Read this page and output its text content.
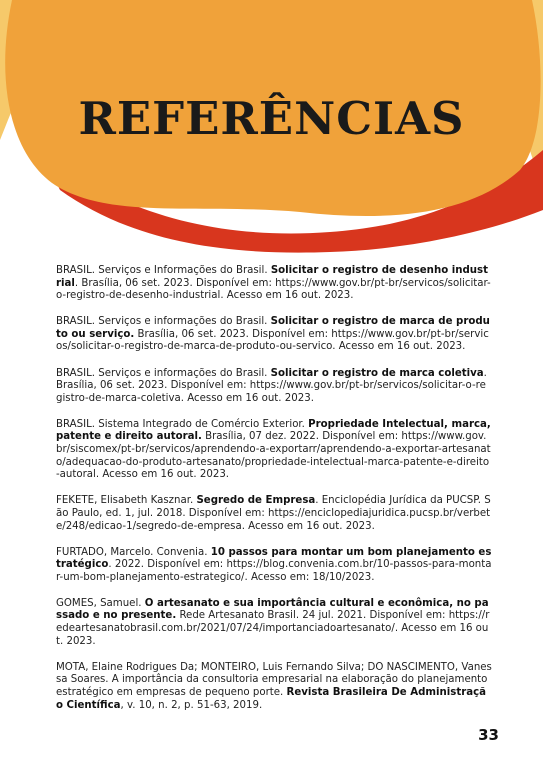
REFERÊNCIAS

BRASIL. Serviços e Informações do Brasil. Solicitar o registro de desenho industrial. Brasília, 06 set. 2023. Disponível em: https://www.gov.br/pt-br/servicos/solicitar-o-registro-de-desenho-industrial. Acesso em 16 out. 2023.

BRASIL. Serviços e informações do Brasil. Solicitar o registro de marca de produto ou serviço. Brasília, 06 set. 2023. Disponível em: https://www.gov.br/pt-br/servicos/solicitar-o-registro-de-marca-de-produto-ou-servico. Acesso em 16 out. 2023.

BRASIL. Serviços e informações do Brasil. Solicitar o registro de marca coletiva. Brasília, 06 set. 2023. Disponível em: https://www.gov.br/pt-br/servicos/solicitar-o-registro-de-marca-coletiva. Acesso em 16 out. 2023.

BRASIL. Sistema Integrado de Comércio Exterior. Propriedade Intelectual, marca, patente e direito autoral. Brasília, 07 dez. 2022. Disponível em: https://www.gov.br/siscomex/pt-br/servicos/aprendendo-a-exportarr/aprendendo-a-exportar-artesanato/adequacao-do-produto-artesanato/propriedade-intelectual-marca-patente-e-direito-autoral. Acesso em 16 out. 2023.

FEKETE, Elisabeth Kasznar. Segredo de Empresa. Enciclopédia Jurídica da PUCSP. São Paulo, ed. 1, jul. 2018. Disponível em: https://enciclopediajuridica.pucsp.br/verbete/248/edicao-1/segredo-de-empresa. Acesso em 16 out. 2023.

FURTADO, Marcelo. Convenia. 10 passos para montar um bom planejamento estratégico. 2022. Disponível em: https://blog.convenia.com.br/10-passos-para-montar-um-bom-planejamento-estrategico/. Acesso em: 18/10/2023.

GOMES, Samuel. O artesanato e sua importância cultural e econômica, no passado e no presente. Rede Artesanato Brasil. 24 jul. 2021. Disponível em: https://redeartesanatobrasil.com.br/2021/07/24/importanciadoartesanato/. Acesso em 16 out. 2023.

MOTA, Elaine Rodrigues Da; MONTEIRO, Luis Fernando Silva; DO NASCIMENTO, Vanessa Soares. A importância da consultoria empresarial na elaboração do planejamento estratégico em empresas de pequeno porte. Revista Brasileira De Administração Científica, v. 10, n. 2, p. 51-63, 2019.

33
